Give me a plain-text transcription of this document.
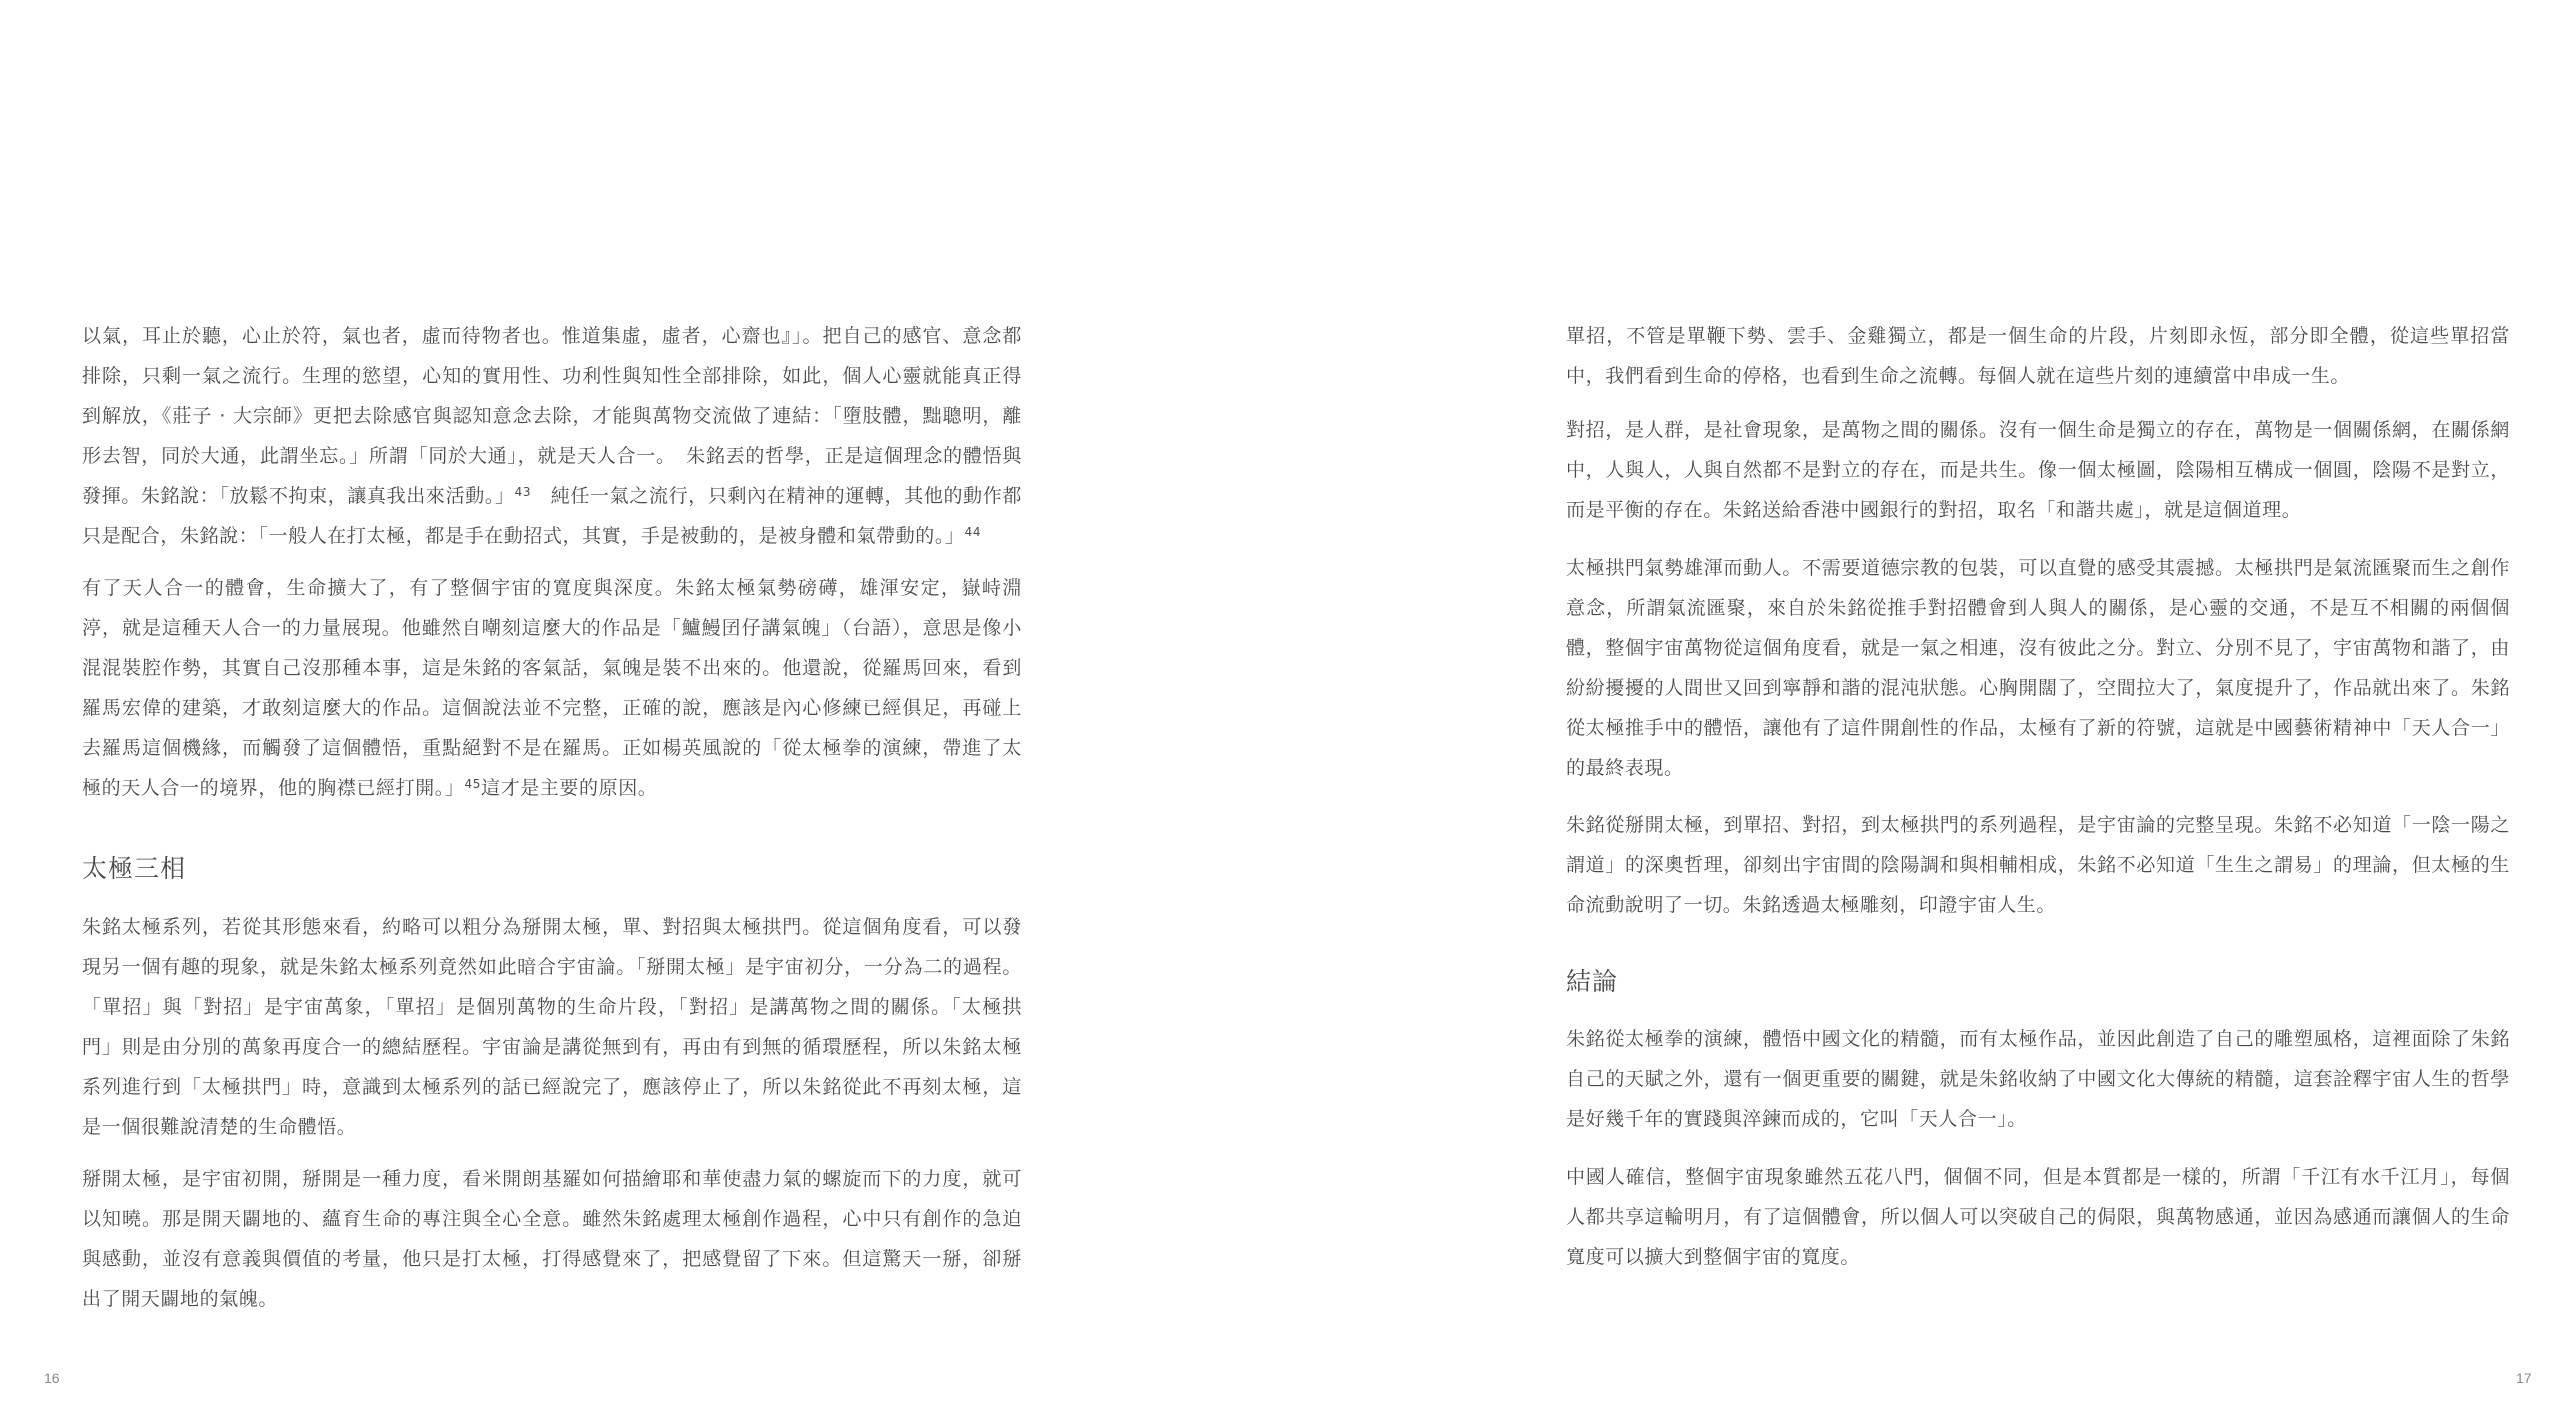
以氣，耳止於聽，心止於符，氣也者，虛而待物者也。惟道集虛，虛者，心齋也』」。把自己的感官、意念都排除，只剩一氣之流行。生理的慾望，心知的實用性、功利性與知性全部排除，如此，個人心靈就能真正得到解放，《莊子 ‧ 大宗師》更把去除感官與認知意念去除，才能與萬物交流做了連結：「墮肢體，黜聰明，離形去智，同於大通，此謂坐忘。」所謂「同於大通」，就是天人合一。　朱銘丟的哲學，正是這個理念的體悟與發揮。朱銘說：「放鬆不拘束，讓真我出來活動。」$^{43}$　純任一氣之流行，只剩內在精神的運轉，其他的動作都只是配合，朱銘說：「一般人在打太極，都是手在動招式，其實，手是被動的，是被身體和氣帶動的。」$^{44}$

有了天人合一的體會，生命擴大了，有了整個宇宙的寬度與深度。朱銘太極氣勢磅礡，雄渾安定，嶽峙淵渟，就是這種天人合一的力量展現。他雖然自嘲刻這麼大的作品是「鱸鰻囝仔講氣魄」（台語），意思是像小混混裝腔作勢，其實自己沒那種本事，這是朱銘的客氣話，氣魄是裝不出來的。他還說，從羅馬回來，看到羅馬宏偉的建築，才敢刻這麼大的作品。這個說法並不完整，正確的說，應該是內心修練已經俱足，再碰上去羅馬這個機緣，而觸發了這個體悟，重點絕對不是在羅馬。正如楊英風說的「從太極拳的演練，帶進了太極的天人合一的境界，他的胸襟已經打開。」$^{45}$這才是主要的原因。

太極三相

朱銘太極系列，若從其形態來看，約略可以粗分為掰開太極，單、對招與太極拱門。從這個角度看，可以發現另一個有趣的現象，就是朱銘太極系列竟然如此暗合宇宙論。「掰開太極」是宇宙初分，一分為二的過程。「單招」與「對招」是宇宙萬象，「單招」是個別萬物的生命片段，「對招」是講萬物之間的關係。「太極拱門」則是由分別的萬象再度合一的總結歷程。宇宙論是講從無到有，再由有到無的循環歷程，所以朱銘太極系列進行到「太極拱門」時，意識到太極系列的話已經說完了，應該停止了，所以朱銘從此不再刻太極，這是一個很難說清楚的生命體悟。

掰開太極，是宇宙初開，掰開是一種力度，看米開朗基羅如何描繪耶和華使盡力氣的螺旋而下的力度，就可以知曉。那是開天闢地的、蘊育生命的專注與全心全意。雖然朱銘處理太極創作過程，心中只有創作的急迫與感動，並沒有意義與價值的考量，他只是打太極，打得感覺來了，把感覺留了下來。但這驚天一掰，卻掰出了開天闢地的氣魄。

16

單招，不管是單鞭下勢、雲手、金雞獨立，都是一個生命的片段，片刻即永恆，部分即全體，從這些單招當中，我們看到生命的停格，也看到生命之流轉。每個人就在這些片刻的連續當中串成一生。

對招，是人群，是社會現象，是萬物之間的關係。沒有一個生命是獨立的存在，萬物是一個關係網，在關係網中，人與人，人與自然都不是對立的存在，而是共生。像一個太極圖，陰陽相互構成一個圓，陰陽不是對立，而是平衡的存在。朱銘送給香港中國銀行的對招，取名「和諧共處」，就是這個道理。

太極拱門氣勢雄渾而動人。不需要道德宗教的包裝，可以直覺的感受其震撼。太極拱門是氣流匯聚而生之創作意念，所謂氣流匯聚，來自於朱銘從推手對招體會到人與人的關係，是心靈的交通，不是互不相關的兩個個體，整個宇宙萬物從這個角度看，就是一氣之相連，沒有彼此之分。對立、分別不見了，宇宙萬物和諧了，由紛紛擾擾的人間世又回到寧靜和諧的混沌狀態。心胸開闊了，空間拉大了，氣度提升了，作品就出來了。朱銘從太極推手中的體悟，讓他有了這件開創性的作品，太極有了新的符號，這就是中國藝術精神中「天人合一」的最終表現。

朱銘從掰開太極，到單招、對招，到太極拱門的系列過程，是宇宙論的完整呈現。朱銘不必知道「一陰一陽之謂道」的深奧哲理，卻刻出宇宙間的陰陽調和與相輔相成，朱銘不必知道「生生之謂易」的理論，但太極的生命流動說明了一切。朱銘透過太極雕刻，印證宇宙人生。

結論

朱銘從太極拳的演練，體悟中國文化的精髓，而有太極作品，並因此創造了自己的雕塑風格，這裡面除了朱銘自己的天賦之外，還有一個更重要的關鍵，就是朱銘收納了中國文化大傳統的精髓，這套詮釋宇宙人生的哲學是好幾千年的實踐與淬鍊而成的，它叫「天人合一」。

中國人確信，整個宇宙現象雖然五花八門，個個不同，但是本質都是一樣的，所謂「千江有水千江月」，每個人都共享這輪明月，有了這個體會，所以個人可以突破自己的侷限，與萬物感通，並因為感通而讓個人的生命寬度可以擴大到整個宇宙的寬度。

17
